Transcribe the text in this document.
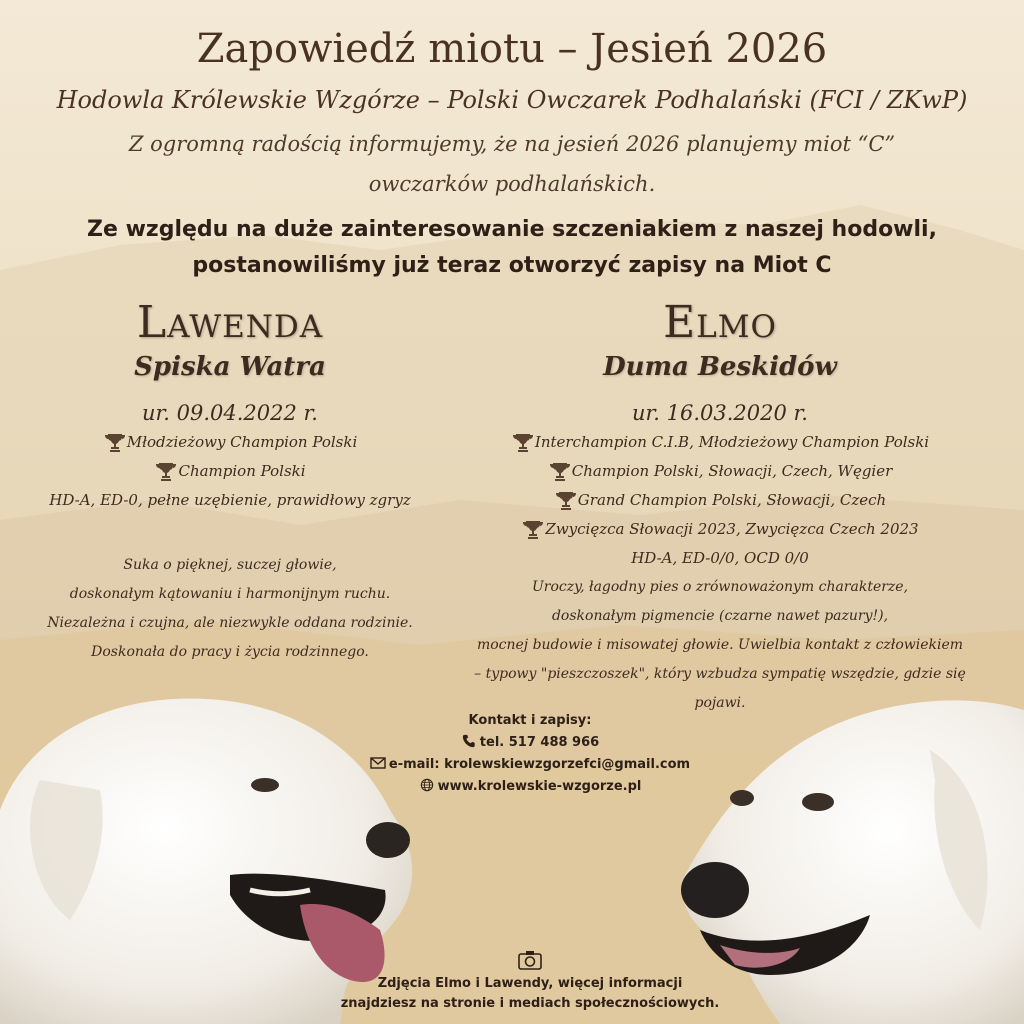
Zapowiedź miotu – Jesień 2026
Hodowla Królewskie Wzgórze – Polski Owczarek Podhalański (FCI / ZKwP)
Z ogromną radością informujemy, że na jesień 2026 planujemy miot “C”
owczarków podhalańskich.
Ze względu na duże zainteresowanie szczeniakiem z naszej hodowli,
postanowiliśmy już teraz otworzyć zapisy na Miot C
Lawenda
Spiska Watra
ur. 09.04.2022 r.
Młodzieżowy Champion Polski
Champion Polski
HD-A, ED-0, pełne uzębienie, prawidłowy zgryz
Suka o pięknej, suczej głowie,
doskonałym kątowaniu i harmonijnym ruchu.
Niezależna i czujna, ale niezwykle oddana rodzinie.
Doskonała do pracy i życia rodzinnego.
Elmo
Duma Beskidów
ur. 16.03.2020 r.
Interchampion C.I.B, Młodzieżowy Champion Polski
Champion Polski, Słowacji, Czech, Węgier
Grand Champion Polski, Słowacji, Czech
Zwycięzca Słowacji 2023, Zwycięzca Czech 2023
HD-A, ED-0/0, OCD 0/0
Uroczy, łagodny pies o zrównoważonym charakterze,
doskonałym pigmencie (czarne nawet pazury!),
mocnej budowie i misowatej głowie. Uwielbia kontakt z człowiekiem
– typowy "pieszczoszek", który wzbudza sympatię wszędzie, gdzie się pojawi.
Kontakt i zapisy:
tel. 517 488 966
e-mail: krolewskiewzgorzefci@gmail.com
www.krolewskie-wzgorze.pl
Zdjęcia Elmo i Lawendy, więcej informacji
znajdziesz na stronie i mediach społecznościowych.
